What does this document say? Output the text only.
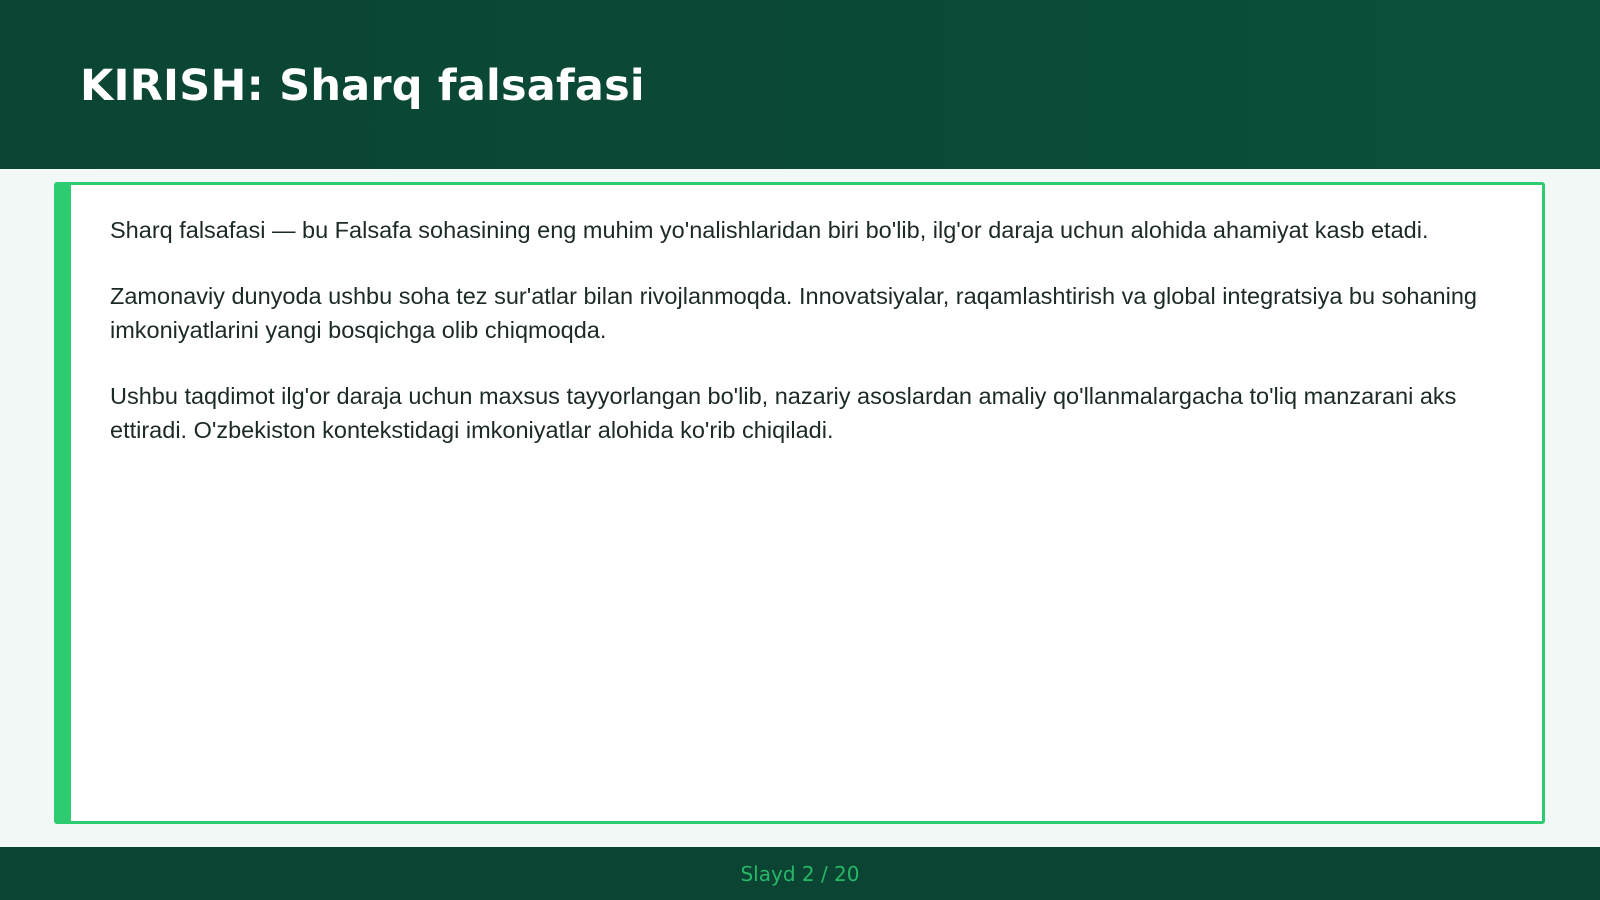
KIRISH: Sharq falsafasi

Sharq falsafasi — bu Falsafa sohasining eng muhim yo'nalishlaridan biri bo'lib, ilg'or daraja uchun alohida ahamiyat kasb etadi.

Zamonaviy dunyoda ushbu soha tez sur'atlar bilan rivojlanmoqda. Innovatsiyalar, raqamlashtirish va global integratsiya bu sohaning imkoniyatlarini yangi bosqichga olib chiqmoqda.

Ushbu taqdimot ilg'or daraja uchun maxsus tayyorlangan bo'lib, nazariy asoslardan amaliy qo'llanmalargacha to'liq manzarani aks ettiradi. O'zbekiston kontekstidagi imkoniyatlar alohida ko'rib chiqiladi.

Slayd 2 / 20
